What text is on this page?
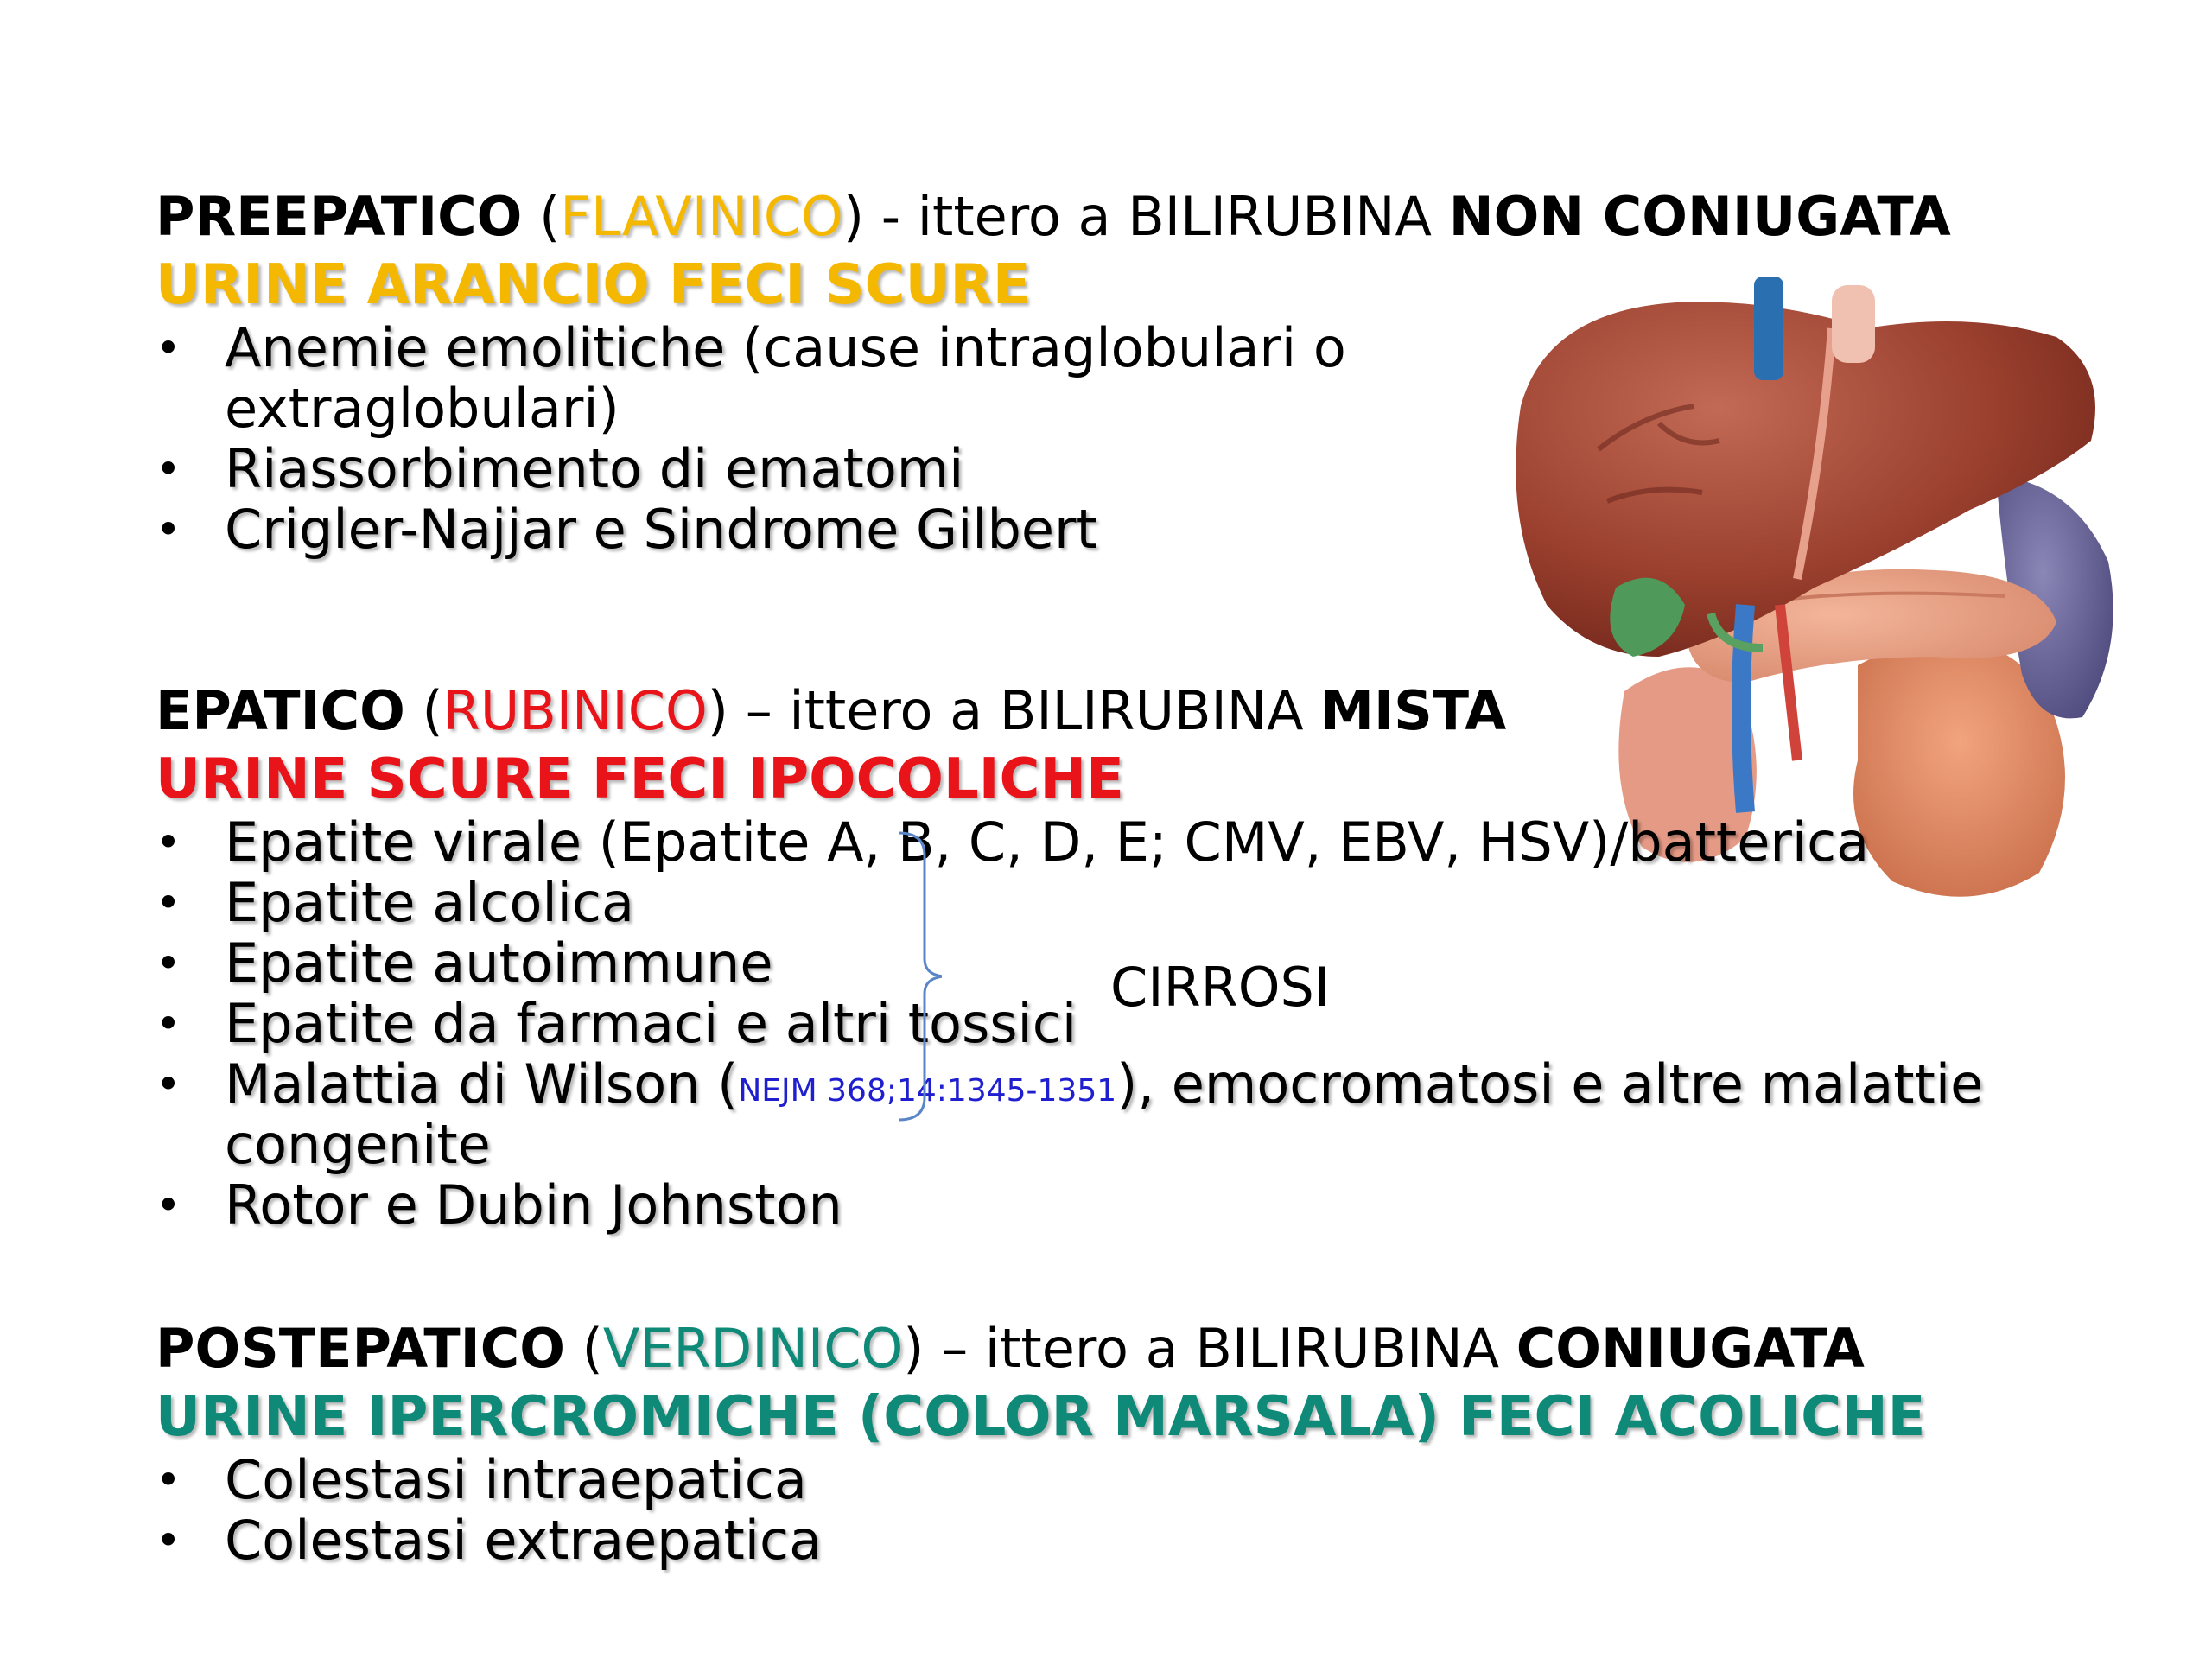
PREEPATICO (FLAVINICO) - ittero a BILIRUBINA NON CONIUGATA
URINE ARANCIO FECI SCURE
• Anemie emolitiche (cause intraglobulari o
extraglobulari)
• Riassorbimento di ematomi
• Crigler-Najjar e Sindrome Gilbert
EPATICO (RUBINICO) – ittero a BILIRUBINA MISTA
URINE SCURE FECI IPOCOLICHE
• Epatite virale (Epatite A, B, C, D, E; CMV, EBV, HSV)/batterica
• Epatite alcolica
• Epatite autoimmune
• Epatite da farmaci e altri tossici
• Malattia di Wilson (NEJM 368;14:1345-1351), emocromatosi e altre malattie
congenite
• Rotor e Dubin Johnston
CIRROSI
POSTEPATICO (VERDINICO) – ittero a BILIRUBINA CONIUGATA
URINE IPERCROMICHE (COLOR MARSALA) FECI ACOLICHE
• Colestasi intraepatica
• Colestasi extraepatica
